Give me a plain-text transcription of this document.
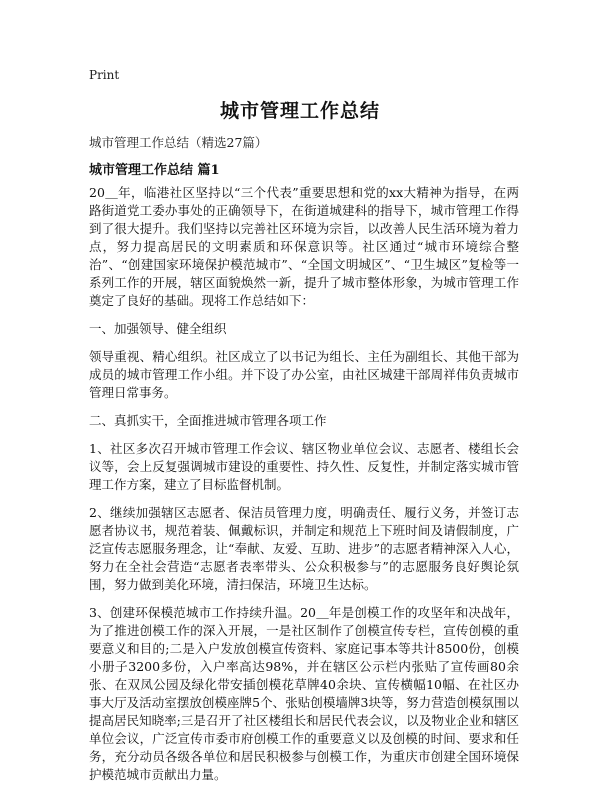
Print
城市管理工作总结
城市管理工作总结（精选27篇）
城市管理工作总结 篇1

20＿年，临港社区坚持以“三个代表”重要思想和党的xx大精神为指导，在两路街道党工委办事处的正确领导下，在街道城建科的指导下，城市管理工作得到了很大提升。我们坚持以完善社区环境为宗旨，以改善人民生活环境为着力点，努力提高居民的文明素质和环保意识等。社区通过“城市环境综合整治”、“创建国家环境保护模范城市”、“全国文明城区”、“卫生城区”复检等一系列工作的开展，辖区面貌焕然一新，提升了城市整体形象，为城市管理工作奠定了良好的基础。现将工作总结如下：

一、加强领导、健全组织

领导重视、精心组织。社区成立了以书记为组长、主任为副组长、其他干部为成员的城市管理工作小组。并下设了办公室，由社区城建干部周祥伟负责城市管理日常事务。

二、真抓实干，全面推进城市管理各项工作

1、社区多次召开城市管理工作会议、辖区物业单位会议、志愿者、楼组长会议等，会上反复强调城市建设的重要性、持久性、反复性，并制定落实城市管理工作方案，建立了目标监督机制。

2、继续加强辖区志愿者、保洁员管理力度，明确责任、履行义务，并签订志愿者协议书，规范着装、佩戴标识，并制定和规范上下班时间及请假制度，广泛宣传志愿服务理念，让“奉献、友爱、互助、进步”的志愿者精神深入人心，努力在全社会营造“志愿者表率带头、公众积极参与”的志愿服务良好舆论氛围，努力做到美化环境，清扫保洁，环境卫生达标。

3、创建环保模范城市工作持续升温。20＿年是创模工作的攻坚年和决战年，为了推进创模工作的深入开展，一是社区制作了创模宣传专栏，宣传创模的重要意义和目的;二是入户发放创模宣传资料、家庭记事本等共计8500份，创模小册子3200多份，入户率高达98%，并在辖区公示栏内张贴了宣传画80余张、在双凤公园及绿化带安插创模花草牌40余块、宣传横幅10幅、在社区办事大厅及活动室摆放创模座牌5个、张贴创模墙牌3块等，努力营造创模氛围以提高居民知晓率;三是召开了社区楼组长和居民代表会议，以及物业企业和辖区单位会议，广泛宣传市委市府创模工作的重要意义以及创模的时间、要求和任务，充分动员各级各单位和居民积极参与创模工作，为重庆市创建全国环境保护模范城市贡献出力量。
